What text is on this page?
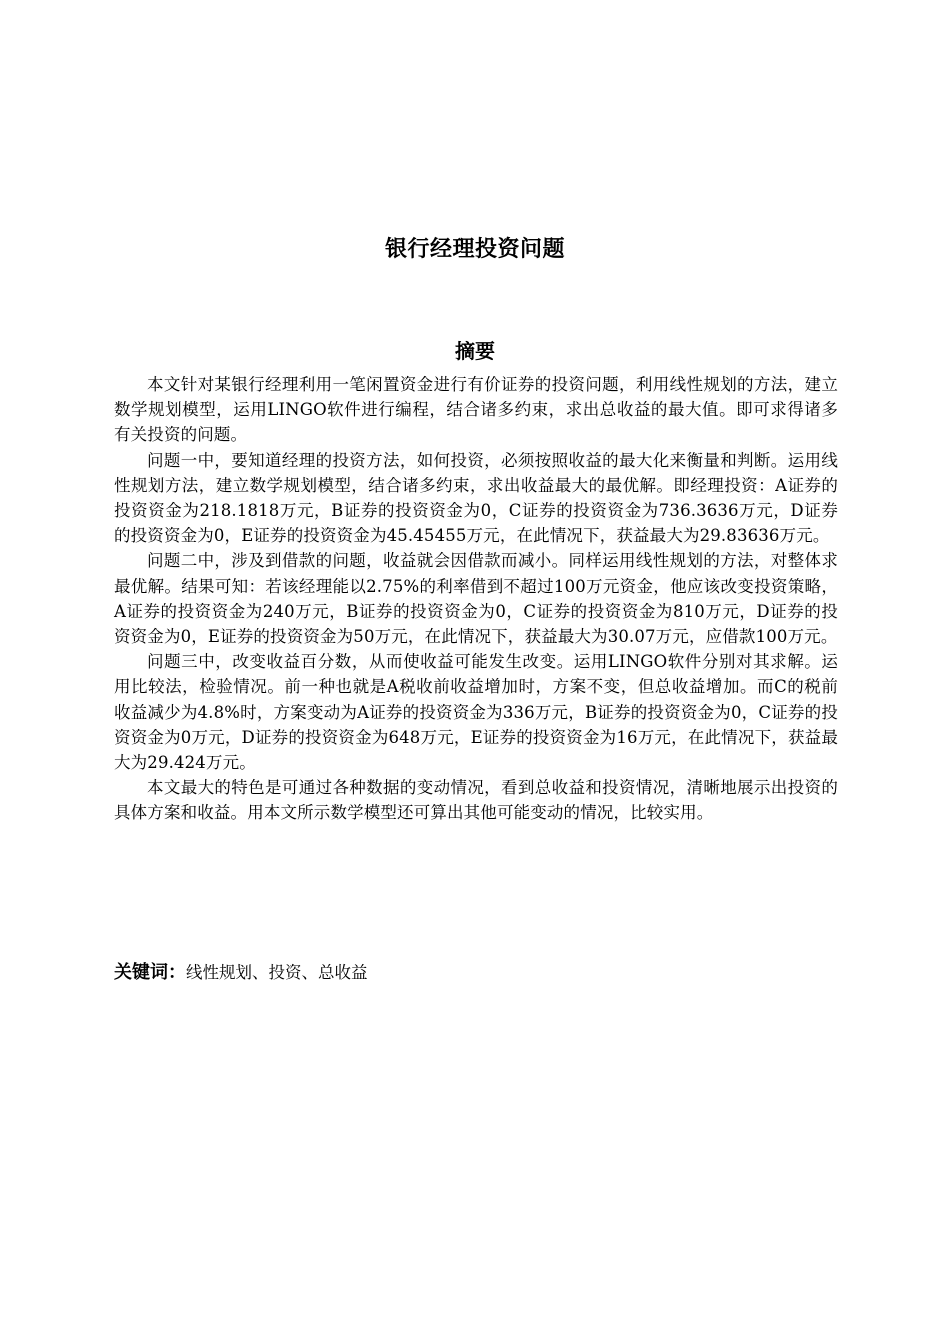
银行经理投资问题
摘要

本文针对某银行经理利用一笔闲置资金进行有价证券的投资问题，利用线性规划的方法，建立数学规划模型，运用LINGO软件进行编程，结合诸多约束，求出总收益的最大值。即可求得诸多有关投资的问题。

问题一中，要知道经理的投资方法，如何投资，必须按照收益的最大化来衡量和判断。运用线性规划方法，建立数学规划模型，结合诸多约束，求出收益最大的最优解。即经理投资：A证券的投资资金为218.1818万元，B证券的投资资金为0，C证券的投资资金为736.3636万元，D证券的投资资金为0，E证券的投资资金为45.45455万元，在此情况下，获益最大为29.83636万元。

问题二中，涉及到借款的问题，收益就会因借款而减小。同样运用线性规划的方法，对整体求最优解。结果可知：若该经理能以2.75%的利率借到不超过100万元资金，他应该改变投资策略，A证券的投资资金为240万元，B证券的投资资金为0，C证券的投资资金为810万元，D证券的投资资金为0，E证券的投资资金为50万元，在此情况下，获益最大为30.07万元，应借款100万元。

问题三中，改变收益百分数，从而使收益可能发生改变。运用LINGO软件分别对其求解。运用比较法，检验情况。前一种也就是A税收前收益增加时，方案不变，但总收益增加。而C的税前收益减少为4.8%时，方案变动为A证券的投资资金为336万元，B证券的投资资金为0，C证券的投资资金为0万元，D证券的投资资金为648万元，E证券的投资资金为16万元，在此情况下，获益最大为29.424万元。

本文最大的特色是可通过各种数据的变动情况，看到总收益和投资情况，清晰地展示出投资的具体方案和收益。用本文所示数学模型还可算出其他可能变动的情况，比较实用。

关键词：线性规划、投资、总收益
